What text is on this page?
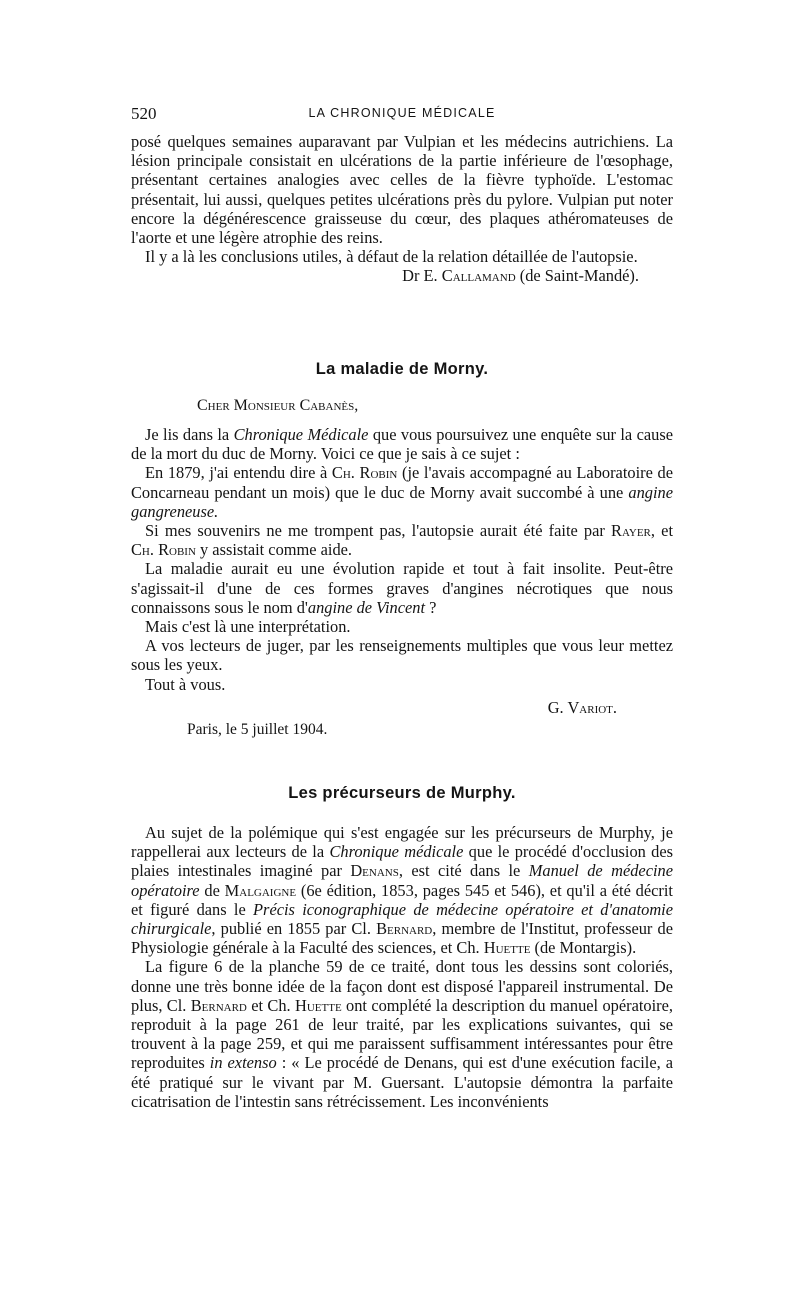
520	LA CHRONIQUE MÉDICALE

posé quelques semaines auparavant par Vulpian et les médecins autrichiens. La lésion principale consistait en ulcérations de la partie inférieure de l'œsophage, présentant certaines analogies avec celles de la fièvre typhoïde. L'estomac présentait, lui aussi, quelques petites ulcérations près du pylore. Vulpian put noter encore la dégénérescence graisseuse du cœur, des plaques athéromateuses de l'aorte et une légère atrophie des reins.

Il y a là les conclusions utiles, à défaut de la relation détaillée de l'autopsie.

Dr E. Callamand (de Saint-Mandé).

La maladie de Morny.

Cher Monsieur Cabanès,

Je lis dans la Chronique Médicale que vous poursuivez une enquête sur la cause de la mort du duc de Morny. Voici ce que je sais à ce sujet :

En 1879, j'ai entendu dire à Ch. Robin (je l'avais accompagné au Laboratoire de Concarneau pendant un mois) que le duc de Morny avait succombé à une angine gangreneuse.

Si mes souvenirs ne me trompent pas, l'autopsie aurait été faite par Rayer, et Ch. Robin y assistait comme aide.

La maladie aurait eu une évolution rapide et tout à fait insolite. Peut-être s'agissait-il d'une de ces formes graves d'angines nécrotiques que nous connaissons sous le nom d'angine de Vincent ?

Mais c'est là une interprétation.

A vos lecteurs de juger, par les renseignements multiples que vous leur mettez sous les yeux.

Tout à vous.

G. Variot.

Paris, le 5 juillet 1904.

Les précurseurs de Murphy.

Au sujet de la polémique qui s'est engagée sur les précurseurs de Murphy, je rappellerai aux lecteurs de la Chronique médicale que le procédé d'occlusion des plaies intestinales imaginé par Denans, est cité dans le Manuel de médecine opératoire de Malgaigne (6e édition, 1853, pages 545 et 546), et qu'il a été décrit et figuré dans le Précis iconographique de médecine opératoire et d'anatomie chirurgicale, publié en 1855 par Cl. Bernard, membre de l'Institut, professeur de Physiologie générale à la Faculté des sciences, et Ch. Huette (de Montargis).

La figure 6 de la planche 59 de ce traité, dont tous les dessins sont coloriés, donne une très bonne idée de la façon dont est disposé l'appareil instrumental. De plus, Cl. Bernard et Ch. Huette ont complété la description du manuel opératoire, reproduit à la page 261 de leur traité, par les explications suivantes, qui se trouvent à la page 259, et qui me paraissent suffisamment intéressantes pour être reproduites in extenso : « Le procédé de Denans, qui est d'une exécution facile, a été pratiqué sur le vivant par M. Guersant. L'autopsie démontra la parfaite cicatrisation de l'intestin sans rétrécissement. Les inconvénients
